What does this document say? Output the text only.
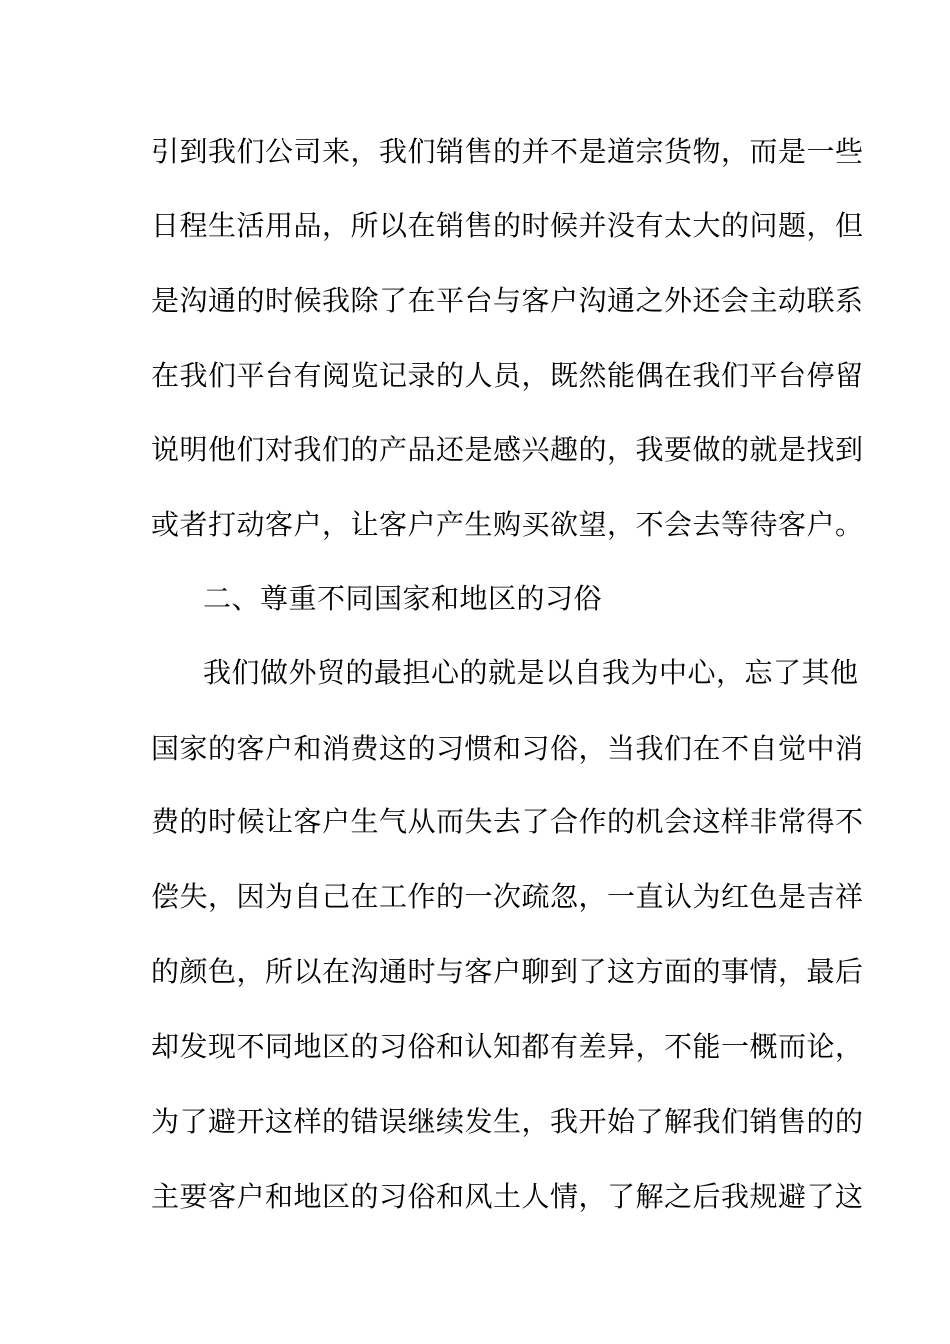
引到我们公司来，我们销售的并不是道宗货物，而是一些
日程生活用品，所以在销售的时候并没有太大的问题，但
是沟通的时候我除了在平台与客户沟通之外还会主动联系
在我们平台有阅览记录的人员，既然能偶在我们平台停留
说明他们对我们的产品还是感兴趣的，我要做的就是找到
或者打动客户，让客户产生购买欲望，不会去等待客户。
二、尊重不同国家和地区的习俗
我们做外贸的最担心的就是以自我为中心，忘了其他
国家的客户和消费这的习惯和习俗，当我们在不自觉中消
费的时候让客户生气从而失去了合作的机会这样非常得不
偿失，因为自己在工作的一次疏忽，一直认为红色是吉祥
的颜色，所以在沟通时与客户聊到了这方面的事情，最后
却发现不同地区的习俗和认知都有差异，不能一概而论，
为了避开这样的错误继续发生，我开始了解我们销售的的
主要客户和地区的习俗和风土人情，了解之后我规避了这
